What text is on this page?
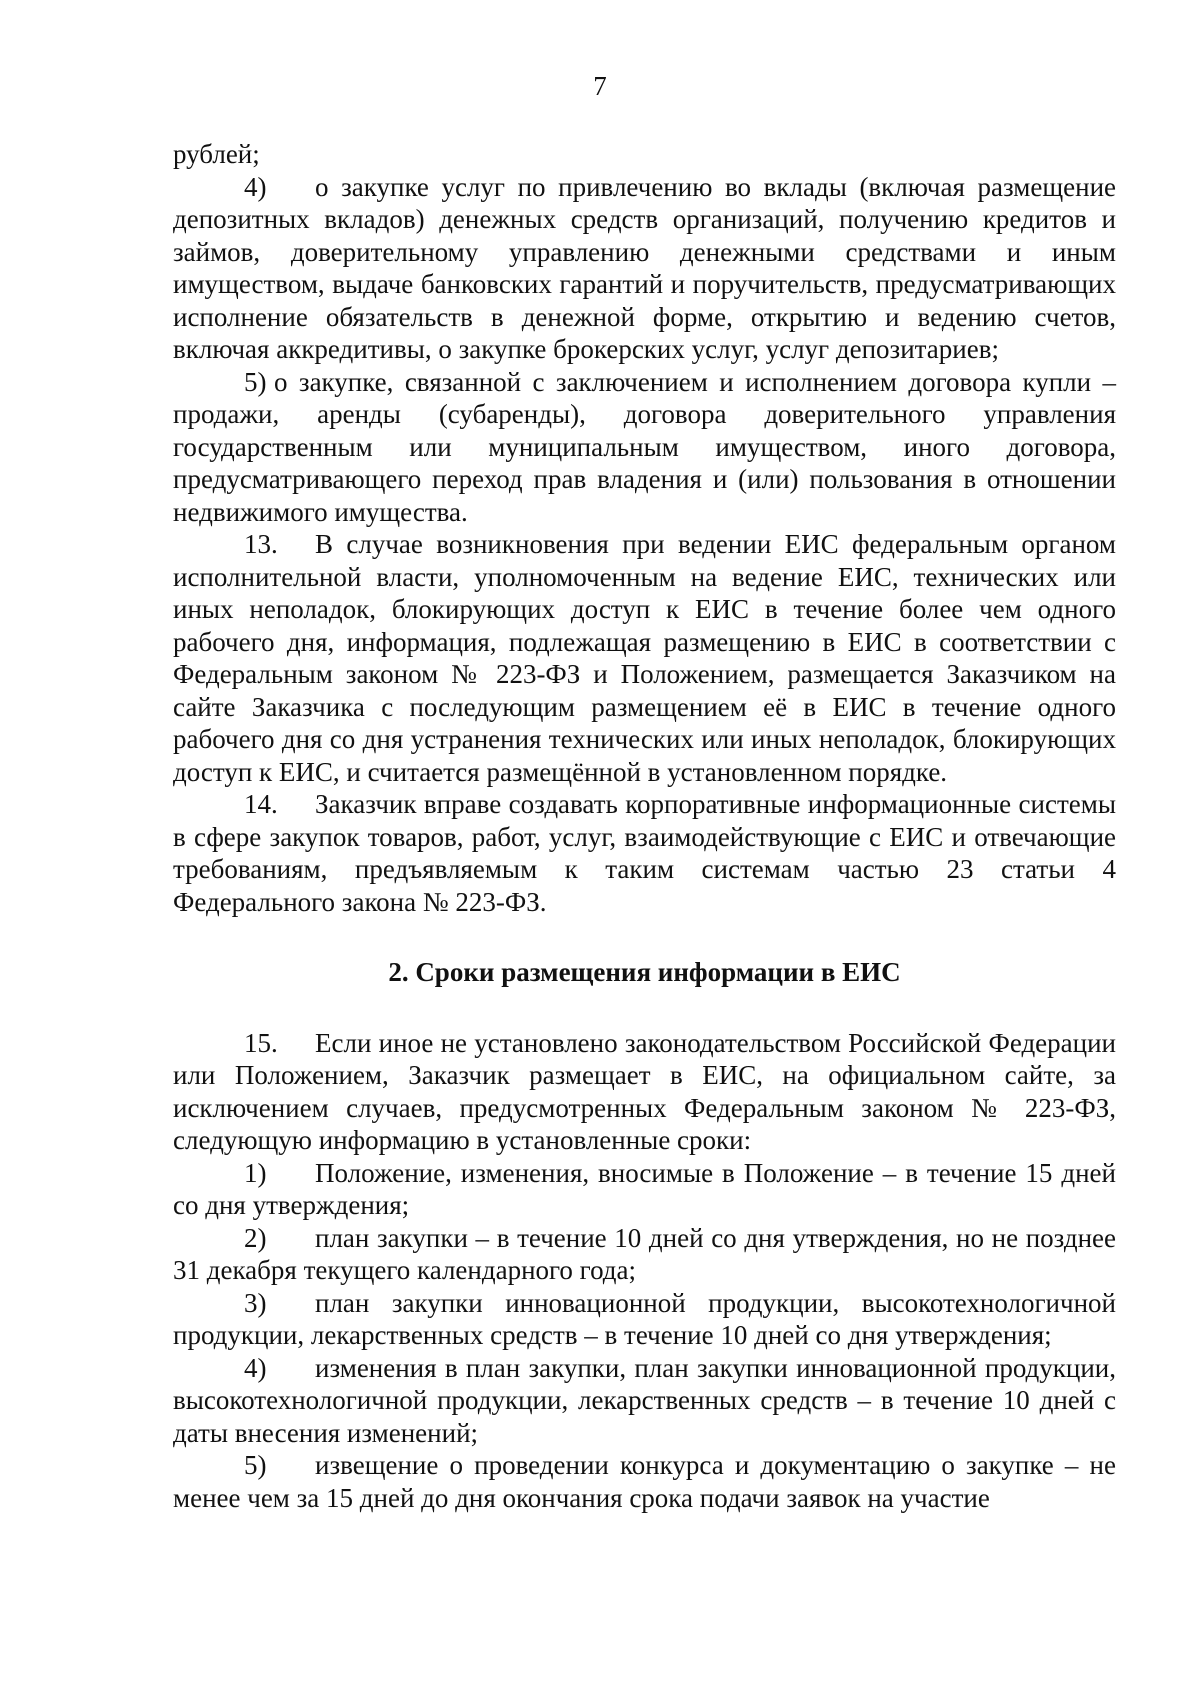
7

рублей;

4) о закупке услуг по привлечению во вклады (включая размещение депозитных вкладов) денежных средств организаций, получению кредитов и займов, доверительному управлению денежными средствами и иным имуществом, выдаче банковских гарантий и поручительств, предусматривающих исполнение обязательств в денежной форме, открытию и ведению счетов, включая аккредитивы, о закупке брокерских услуг, услуг депозитариев;

5) о закупке, связанной с заключением и исполнением договора купли – продажи, аренды (субаренды), договора доверительного управления государственным или муниципальным имуществом, иного договора, предусматривающего переход прав владения и (или) пользования в отношении недвижимого имущества.

13. В случае возникновения при ведении ЕИС федеральным органом исполнительной власти, уполномоченным на ведение ЕИС, технических или иных неполадок, блокирующих доступ к ЕИС в течение более чем одного рабочего дня, информация, подлежащая размещению в ЕИС в соответствии с Федеральным законом № 223-ФЗ и Положением, размещается Заказчиком на сайте Заказчика с последующим размещением её в ЕИС в течение одного рабочего дня со дня устранения технических или иных неполадок, блокирующих доступ к ЕИС, и считается размещённой в установленном порядке.

14. Заказчик вправе создавать корпоративные информационные системы в сфере закупок товаров, работ, услуг, взаимодействующие с ЕИС и отвечающие требованиям, предъявляемым к таким системам частью 23 статьи 4 Федерального закона № 223-ФЗ.

2. Сроки размещения информации в ЕИС

15. Если иное не установлено законодательством Российской Федерации или Положением, Заказчик размещает в ЕИС, на официальном сайте, за исключением случаев, предусмотренных Федеральным законом № 223-ФЗ, следующую информацию в установленные сроки:

1) Положение, изменения, вносимые в Положение – в течение 15 дней со дня утверждения;

2) план закупки – в течение 10 дней со дня утверждения, но не позднее 31 декабря текущего календарного года;

3) план закупки инновационной продукции, высокотехнологичной продукции, лекарственных средств – в течение 10 дней со дня утверждения;

4) изменения в план закупки, план закупки инновационной продукции, высокотехнологичной продукции, лекарственных средств – в течение 10 дней с даты внесения изменений;

5) извещение о проведении конкурса и документацию о закупке – не менее чем за 15 дней до дня окончания срока подачи заявок на участие
